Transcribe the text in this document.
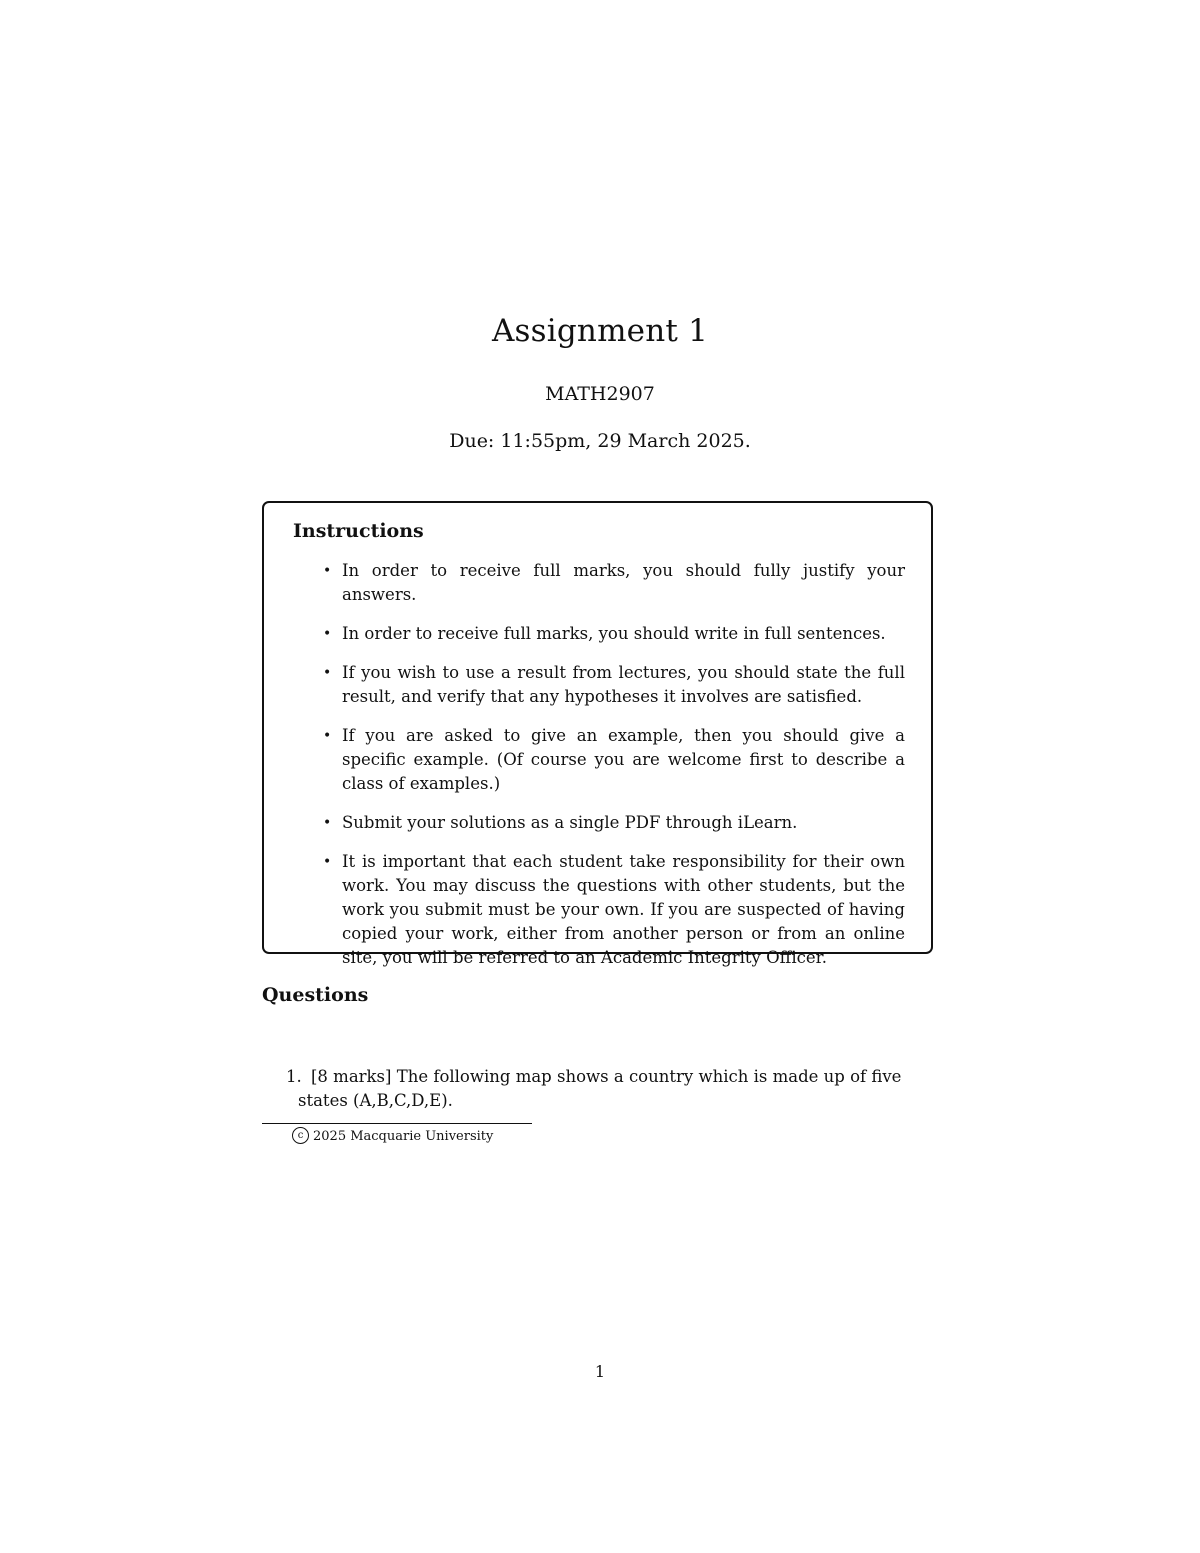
Assignment 1
MATH2907
Due: 11:55pm, 29 March 2025.
Instructions
• In order to receive full marks, you should fully justify your answers.
• In order to receive full marks, you should write in full sentences.
• If you wish to use a result from lectures, you should state the full result, and verify that any hypotheses it involves are satisfied.
• If you are asked to give an example, then you should give a specific example. (Of course you are welcome first to describe a class of examples.)
• Submit your solutions as a single PDF through iLearn.
• It is important that each student take responsibility for their own work. You may discuss the questions with other students, but the work you submit must be your own. If you are suspected of having copied your work, either from another person or from an online site, you will be referred to an Academic Integrity Officer.
Questions
1. [8 marks] The following map shows a country which is made up of five
states (A,B,C,D,E).
c 2025 Macquarie University
1
